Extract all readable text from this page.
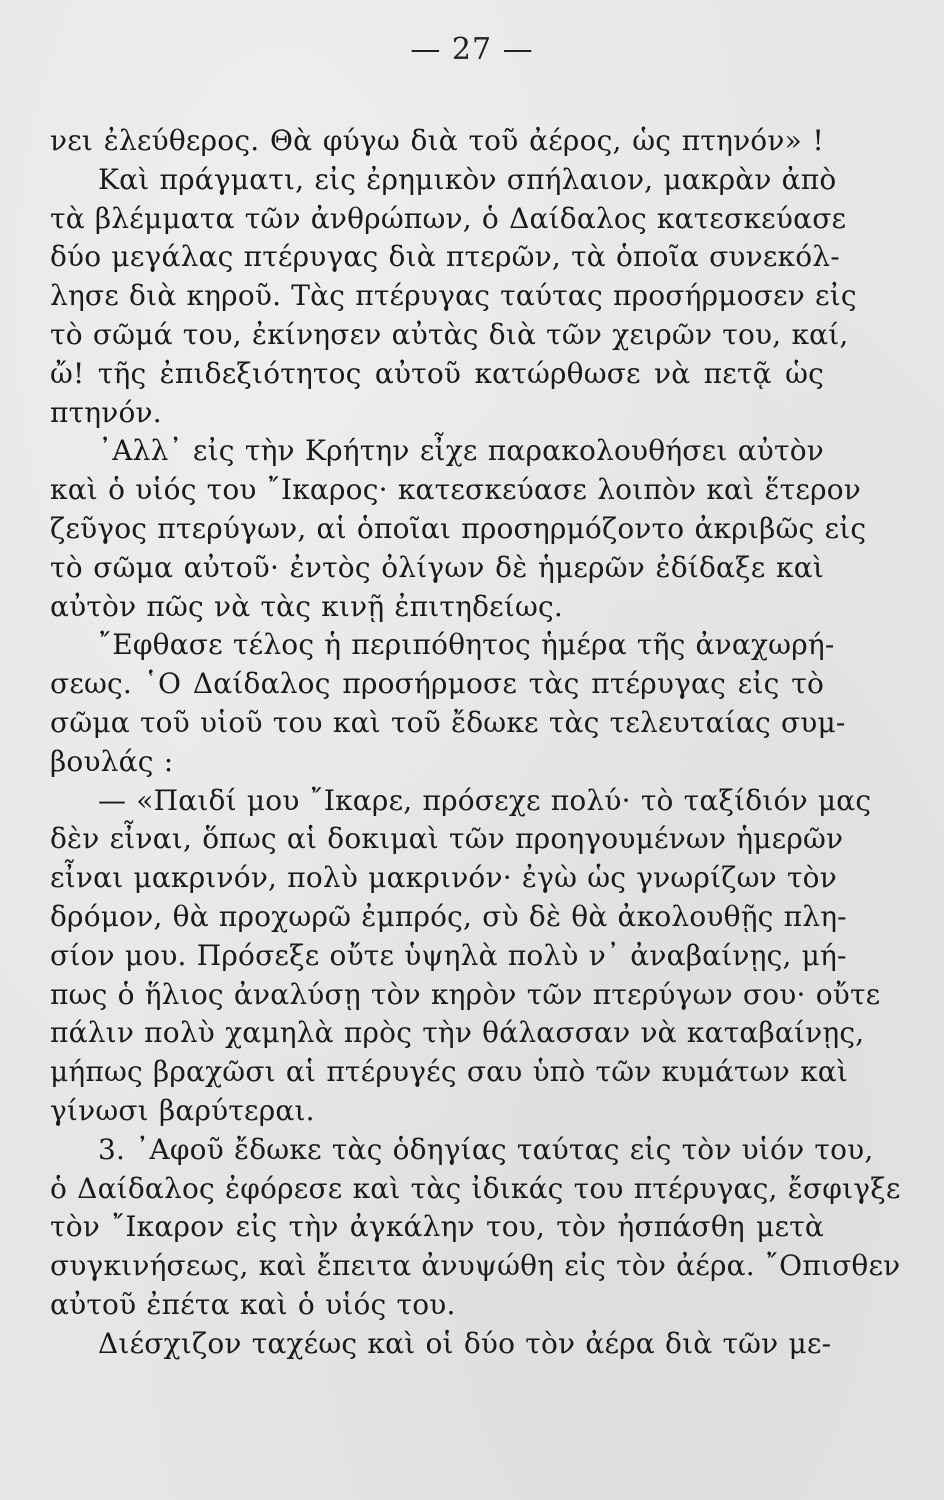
— 27 —
νει ἐλεύθερος. Θὰ φύγω διὰ τοῦ ἀέρος, ὡς πτηνόν» !
Καὶ πράγματι, εἰς ἐρημικὸν σπήλαιον, μακρὰν ἀπὸ
τὰ βλέμματα τῶν ἀνθρώπων, ὁ Δαίδαλος κατεσκεύασε
δύο μεγάλας πτέρυγας διὰ πτερῶν, τὰ ὁποῖα συνεκόλ-
λησε διὰ κηροῦ. Τὰς πτέρυγας ταύτας προσήρμοσεν εἰς
τὸ σῶμά του, ἐκίνησεν αὐτὰς διὰ τῶν χειρῶν του, καί,
ὤ! τῆς ἐπιδεξιότητος αὐτοῦ κατώρθωσε νὰ πετᾷ ὡς
πτηνόν.
᾿Αλλ᾿ εἰς τὴν Κρήτην εἶχε παρακολουθήσει αὐτὸν
καὶ ὁ υἱός του ῎Ικαρος· κατεσκεύασε λοιπὸν καὶ ἕτερον
ζεῦγος πτερύγων, αἱ ὁποῖαι προσηρμόζοντο ἀκριβῶς εἰς
τὸ σῶμα αὐτοῦ· ἐντὸς ὀλίγων δὲ ἡμερῶν ἐδίδαξε καὶ
αὐτὸν πῶς νὰ τὰς κινῇ ἐπιτηδείως.
῎Εφθασε τέλος ἡ περιπόθητος ἡμέρα τῆς ἀναχωρή-
σεως. ῾Ο Δαίδαλος προσήρμοσε τὰς πτέρυγας εἰς τὸ
σῶμα τοῦ υἱοῦ του καὶ τοῦ ἔδωκε τὰς τελευταίας συμ-
βουλάς :
— «Παιδί μου ῎Ικαρε, πρόσεχε πολύ· τὸ ταξίδιόν μας
δὲν εἶναι, ὅπως αἱ δοκιμαὶ τῶν προηγουμένων ἡμερῶν
εἶναι μακρινόν, πολὺ μακρινόν· ἐγὼ ὡς γνωρίζων τὸν
δρόμον, θὰ προχωρῶ ἐμπρός, σὺ δὲ θὰ ἀκολουθῇς πλη-
σίον μου. Πρόσεξε οὔτε ὑψηλὰ πολὺ ν᾿ ἀναβαίνῃς, μή-
πως ὁ ἥλιος ἀναλύσῃ τὸν κηρὸν τῶν πτερύγων σου· οὔτε
πάλιν πολὺ χαμηλὰ πρὸς τὴν θάλασσαν νὰ καταβαίνῃς,
μήπως βραχῶσι αἱ πτέρυγές σαυ ὑπὸ τῶν κυμάτων καὶ
γίνωσι βαρύτεραι.
3. ᾿Αφοῦ ἔδωκε τὰς ὁδηγίας ταύτας εἰς τὸν υἱόν του,
ὁ Δαίδαλος ἐφόρεσε καὶ τὰς ἰδικάς του πτέρυγας, ἔσφιγξε
τὸν ῎Ικαρον εἰς τὴν ἀγκάλην του, τὸν ἠσπάσθη μετὰ
συγκινήσεως, καὶ ἔπειτα ἀνυψώθη εἰς τὸν ἀέρα. ῎Οπισθεν
αὐτοῦ ἐπέτα καὶ ὁ υἱός του.
Διέσχιζον ταχέως καὶ οἱ δύο τὸν ἀέρα διὰ τῶν με-
